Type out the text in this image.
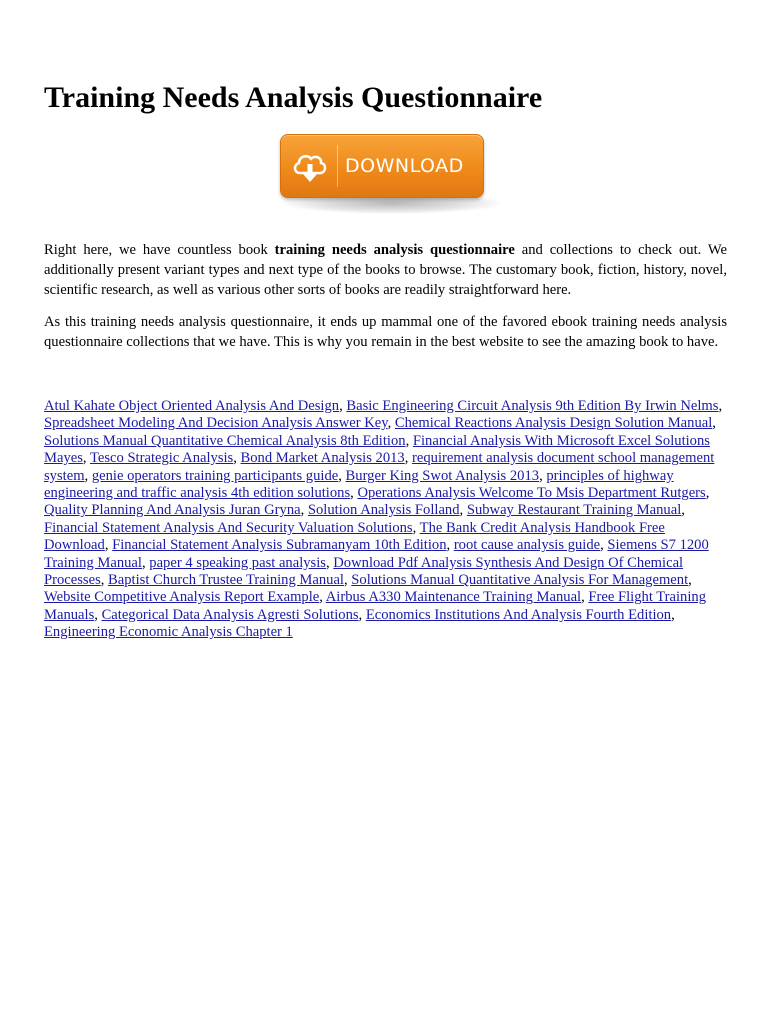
Training Needs Analysis Questionnaire
DOWNLOAD

Right here, we have countless book training needs analysis questionnaire and collections to check out. We additionally present variant types and next type of the books to browse. The customary book, fiction, history, novel, scientific research, as well as various other sorts of books are readily straightforward here.

As this training needs analysis questionnaire, it ends up mammal one of the favored ebook training needs analysis questionnaire collections that we have. This is why you remain in the best website to see the amazing book to have.

Atul Kahate Object Oriented Analysis And Design, Basic Engineering Circuit Analysis 9th Edition By Irwin Nelms, Spreadsheet Modeling And Decision Analysis Answer Key, Chemical Reactions Analysis Design Solution Manual, Solutions Manual Quantitative Chemical Analysis 8th Edition, Financial Analysis With Microsoft Excel Solutions Mayes, Tesco Strategic Analysis, Bond Market Analysis 2013, requirement analysis document school management system, genie operators training participants guide, Burger King Swot Analysis 2013, principles of highway engineering and traffic analysis 4th edition solutions, Operations Analysis Welcome To Msis Department Rutgers, Quality Planning And Analysis Juran Gryna, Solution Analysis Folland, Subway Restaurant Training Manual, Financial Statement Analysis And Security Valuation Solutions, The Bank Credit Analysis Handbook Free Download, Financial Statement Analysis Subramanyam 10th Edition, root cause analysis guide, Siemens S7 1200 Training Manual, paper 4 speaking past analysis, Download Pdf Analysis Synthesis And Design Of Chemical Processes, Baptist Church Trustee Training Manual, Solutions Manual Quantitative Analysis For Management, Website Competitive Analysis Report Example, Airbus A330 Maintenance Training Manual, Free Flight Training Manuals, Categorical Data Analysis Agresti Solutions, Economics Institutions And Analysis Fourth Edition, Engineering Economic Analysis Chapter 1
